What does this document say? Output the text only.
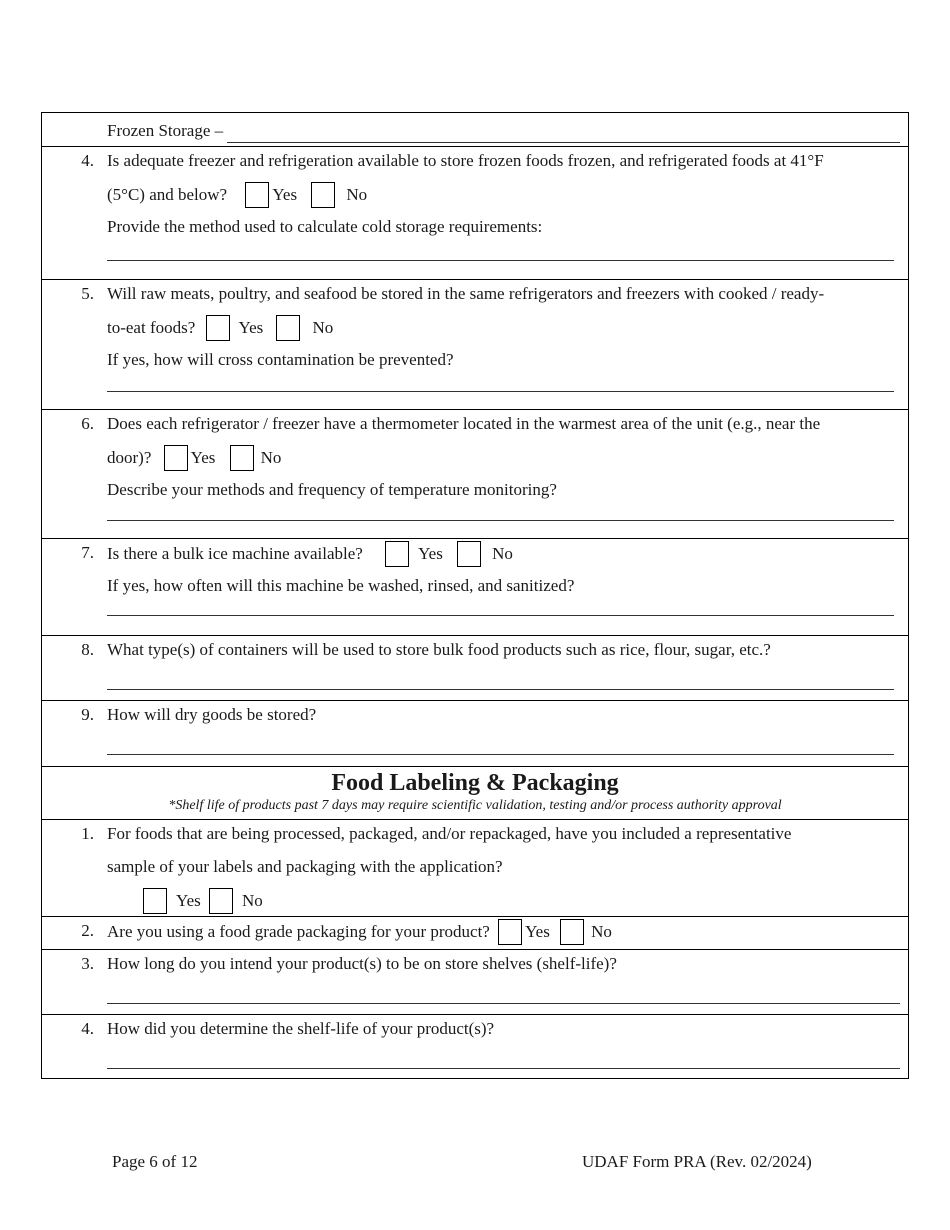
Frozen Storage –
4. Is adequate freezer and refrigeration available to store frozen foods frozen, and refrigerated foods at 41°F
(5°C) and below?	Yes	No
Provide the method used to calculate cold storage requirements:
5. Will raw meats, poultry, and seafood be stored in the same refrigerators and freezers with cooked / ready-
to-eat foods?	Yes	No
If yes, how will cross contamination be prevented?
6. Does each refrigerator / freezer have a thermometer located in the warmest area of the unit (e.g., near the
door)? Yes	No
Describe your methods and frequency of temperature monitoring?
7. Is there a bulk ice machine available?	Yes	No
If yes, how often will this machine be washed, rinsed, and sanitized?
8. What type(s) of containers will be used to store bulk food products such as rice, flour, sugar, etc.?
9. How will dry goods be stored?
Food Labeling & Packaging
*Shelf life of products past 7 days may require scientific validation, testing and/or process authority approval
1. For foods that are being processed, packaged, and/or repackaged, have you included a representative
sample of your labels and packaging with the application?
Yes No
2. Are you using a food grade packaging for your product? Yes No
3. How long do you intend your product(s) to be on store shelves (shelf-life)?
4. How did you determine the shelf-life of your product(s)?
Page 6 of 12	UDAF Form PRA (Rev. 02/2024)
